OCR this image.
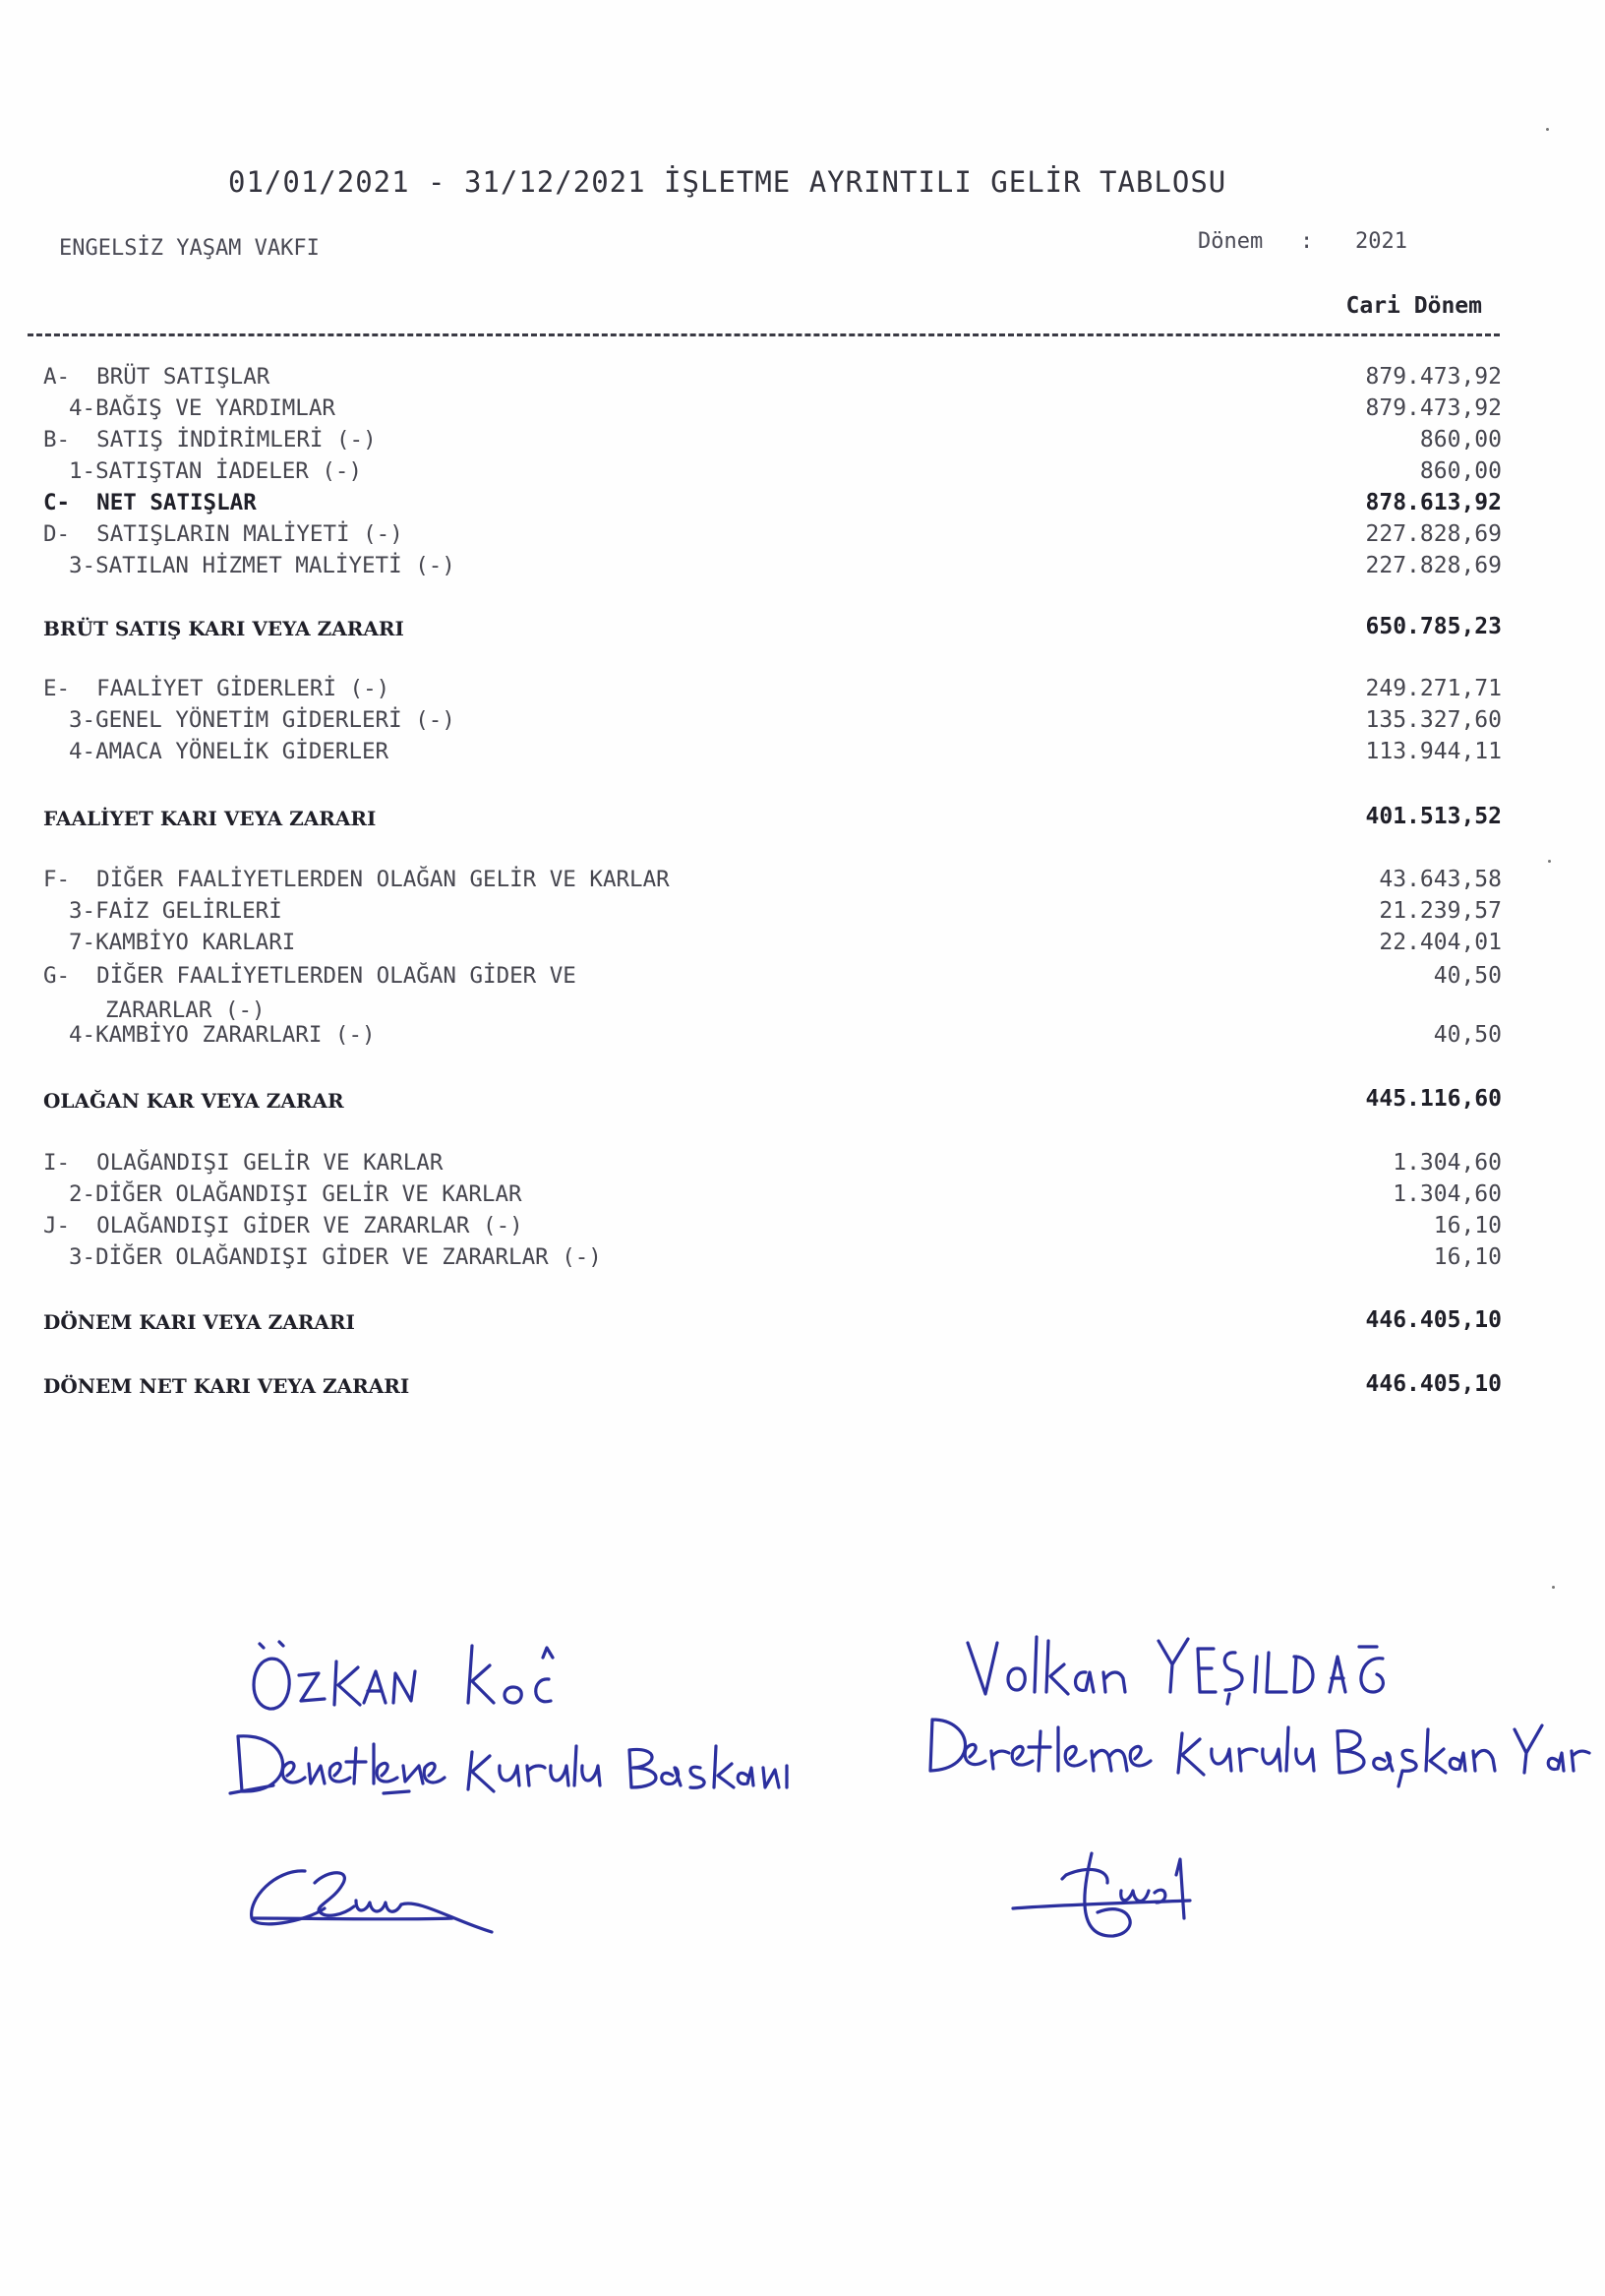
01/01/2021 - 31/12/2021 İŞLETME AYRINTILI GELİR TABLOSU
ENGELSİZ YAŞAM VAKFI	Dönem : 2021
Cari Dönem
A-  BRÜT SATIŞLAR	879.473,92
4-BAĞIŞ VE YARDIMLAR	879.473,92
B-  SATIŞ İNDİRİMLERİ (-)	860,00
1-SATIŞTAN İADELER (-)	860,00
C-  NET SATIŞLAR	878.613,92
D-  SATIŞLARIN MALİYETİ (-)	227.828,69
3-SATILAN HİZMET MALİYETİ (-)	227.828,69
BRÜT SATIŞ KARI VEYA ZARARI	650.785,23
E-  FAALİYET GİDERLERİ (-)	249.271,71
3-GENEL YÖNETİM GİDERLERİ (-)	135.327,60
4-AMACA YÖNELİK GİDERLER	113.944,11
FAALİYET KARI VEYA ZARARI	401.513,52
F-  DİĞER FAALİYETLERDEN OLAĞAN GELİR VE KARLAR	43.643,58
3-FAİZ GELİRLERİ	21.239,57
7-KAMBİYO KARLARI	22.404,01
G-  DİĞER FAALİYETLERDEN OLAĞAN GİDER VE	40,50
ZARARLAR (-)
4-KAMBİYO ZARARLARI (-)	40,50
OLAĞAN KAR VEYA ZARAR	445.116,60
I-  OLAĞANDIŞI GELİR VE KARLAR	1.304,60
2-DİĞER OLAĞANDIŞI GELİR VE KARLAR	1.304,60
J-  OLAĞANDIŞI GİDER VE ZARARLAR (-)	16,10
3-DİĞER OLAĞANDIŞI GİDER VE ZARARLAR (-)	16,10
DÖNEM KARI VEYA ZARARI	446.405,10
DÖNEM NET KARI VEYA ZARARI	446.405,10
